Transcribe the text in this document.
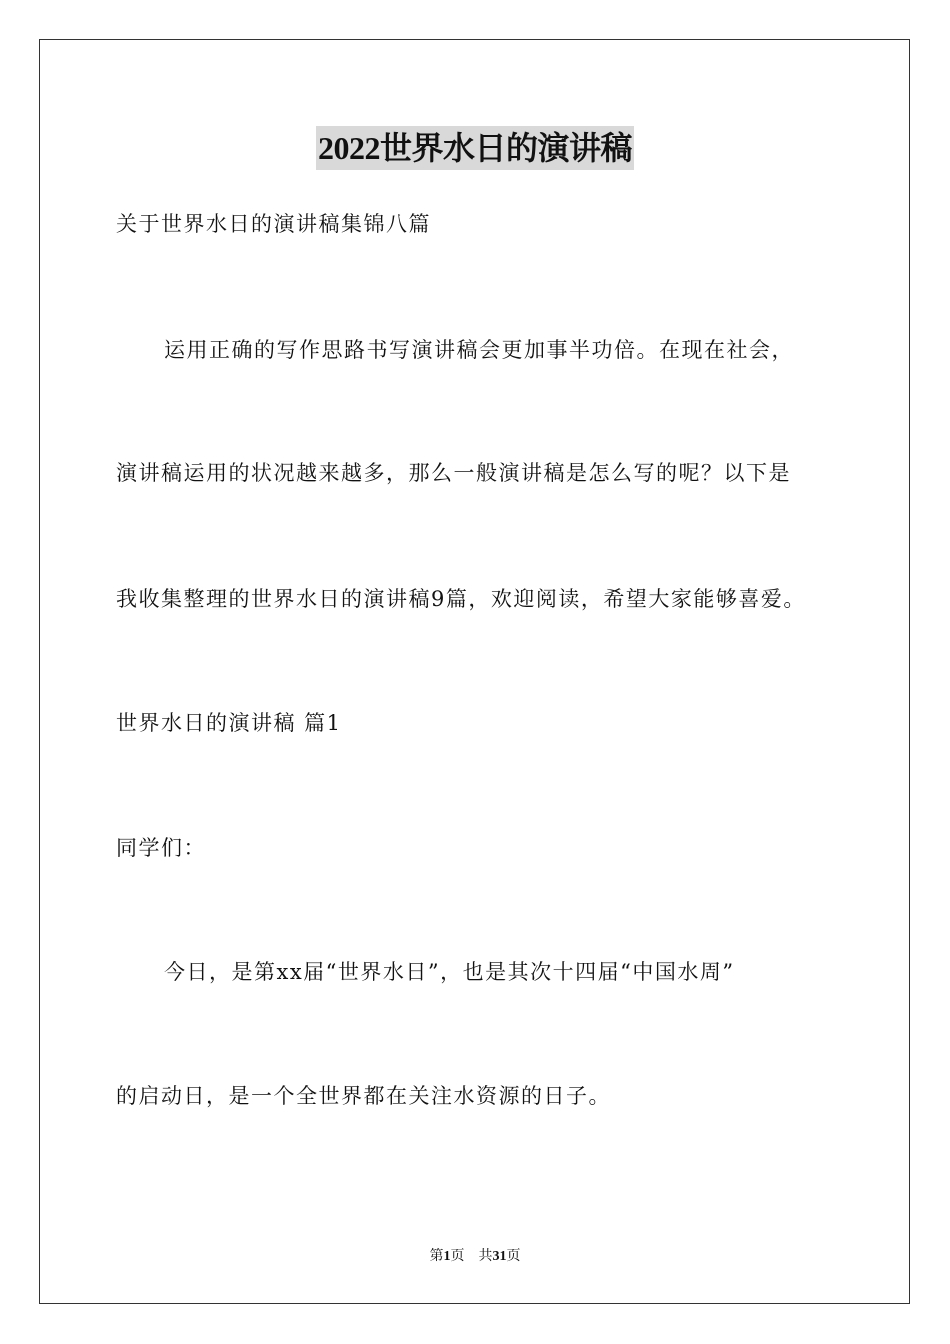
2022世界水日的演讲稿

关于世界水日的演讲稿集锦八篇

运用正确的写作思路书写演讲稿会更加事半功倍。在现在社会，

演讲稿运用的状况越来越多，那么一般演讲稿是怎么写的呢？以下是

我收集整理的世界水日的演讲稿9篇，欢迎阅读，希望大家能够喜爱。

世界水日的演讲稿 篇1

同学们：

今日，是第xx届“世界水日”，也是其次十四届“中国水周”

的启动日，是一个全世界都在关注水资源的日子。

第1页 共31页
